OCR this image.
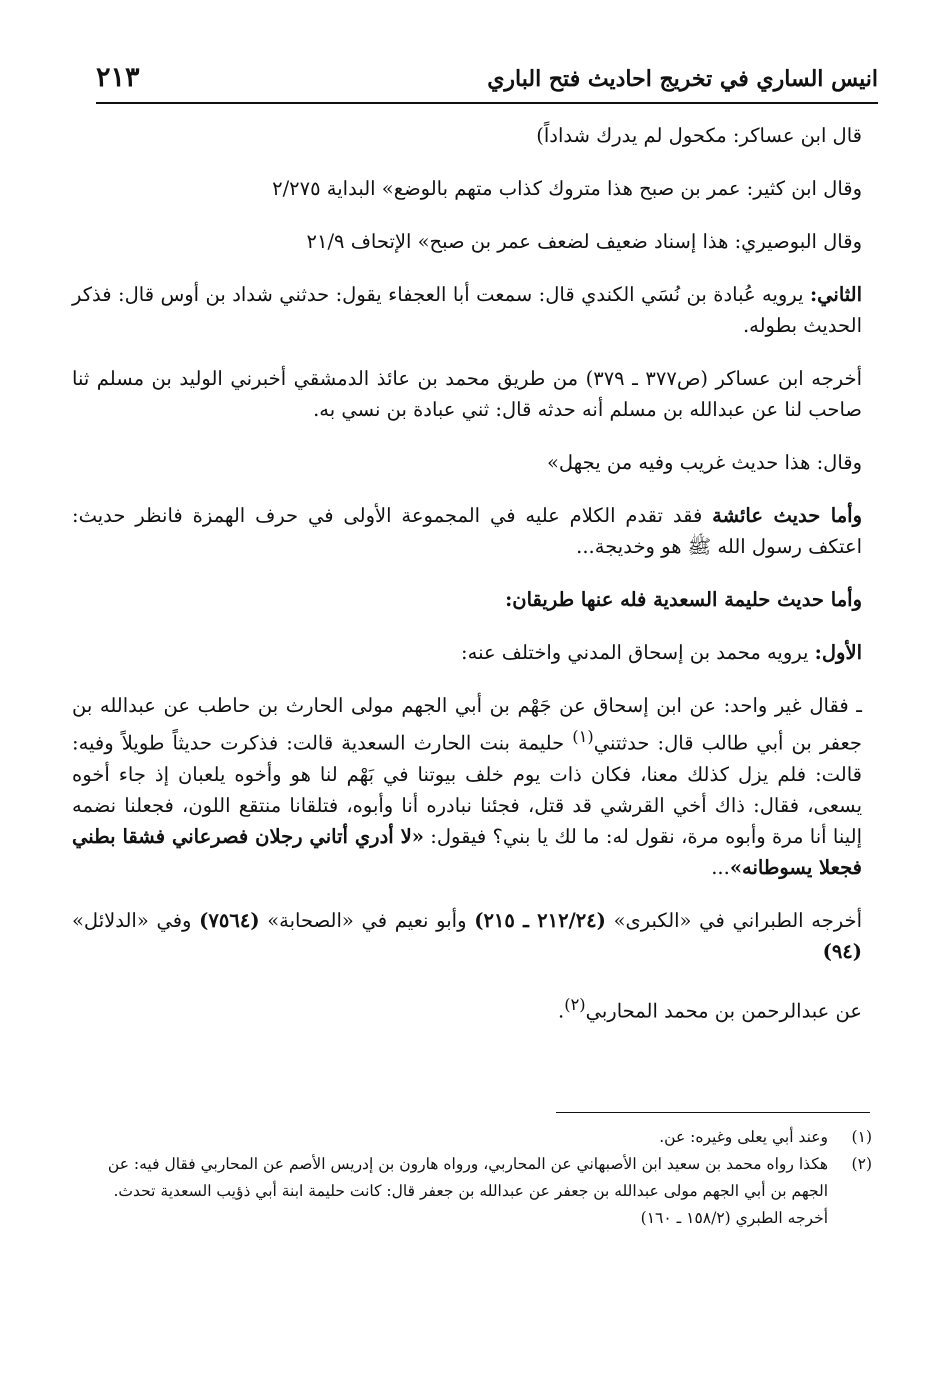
انيس الساري في تخريج احاديث فتح الباري
٢١٣

قال ابن عساكر: مكحول لم يدرك شداداً)

وقال ابن كثير: عمر بن صبح هذا متروك كذاب متهم بالوضع» البداية ٢/٢٧٥

وقال البوصيري: هذا إسناد ضعيف لضعف عمر بن صبح» الإتحاف ٢١/٩

الثاني: يرويه عُبادة بن نُسَي الكندي قال: سمعت أبا العجفاء يقول: حدثني شداد بن أوس قال: فذكر الحديث بطوله.

أخرجه ابن عساكر (ص٣٧٧ ـ ٣٧٩) من طريق محمد بن عائذ الدمشقي أخبرني الوليد بن مسلم ثنا صاحب لنا عن عبدالله بن مسلم أنه حدثه قال: ثني عبادة بن نسي به.

وقال: هذا حديث غريب وفيه من يجهل»

وأما حديث عائشة فقد تقدم الكلام عليه في المجموعة الأولى في حرف الهمزة فانظر حديث: اعتكف رسول الله ﷺ هو وخديجة...

وأما حديث حليمة السعدية فله عنها طريقان:

الأول: يرويه محمد بن إسحاق المدني واختلف عنه:

ـ فقال غير واحد: عن ابن إسحاق عن جَهْم بن أبي الجهم مولى الحارث بن حاطب عن عبدالله بن جعفر بن أبي طالب قال: حدثتني$^{(١)}$ حليمة بنت الحارث السعدية قالت: فذكرت حديثاً طويلاً وفيه: قالت: فلم يزل كذلك معنا، فكان ذات يوم خلف بيوتنا في بَهْم لنا هو وأخوه يلعبان إذ جاء أخوه يسعى، فقال: ذاك أخي القرشي قد قتل، فجئنا نبادره أنا وأبوه، فتلقانا منتقع اللون، فجعلنا نضمه إلينا أنا مرة وأبوه مرة، نقول له: ما لك يا بني؟ فيقول: «لا أدري أتاني رجلان فصرعاني فشقا بطني فجعلا يسوطانه»...

أخرجه الطبراني في «الكبرى» (٢١٢/٢٤ ـ ٢١٥) وأبو نعيم في «الصحابة» (٧٥٦٤) وفي «الدلائل» (٩٤)

عن عبدالرحمن بن محمد المحاربي$^{(٢)}$.

(١)
وعند أبي يعلى وغيره: عن.

(٢)
هكذا رواه محمد بن سعيد ابن الأصبهاني عن المحاربي، ورواه هارون بن إدريس الأصم عن المحاربي فقال فيه: عن الجهم بن أبي الجهم مولى عبدالله بن جعفر عن عبدالله بن جعفر قال: كانت حليمة ابنة أبي ذؤيب السعدية تحدث.

أخرجه الطبري (١٥٨/٢ ـ ١٦٠)
